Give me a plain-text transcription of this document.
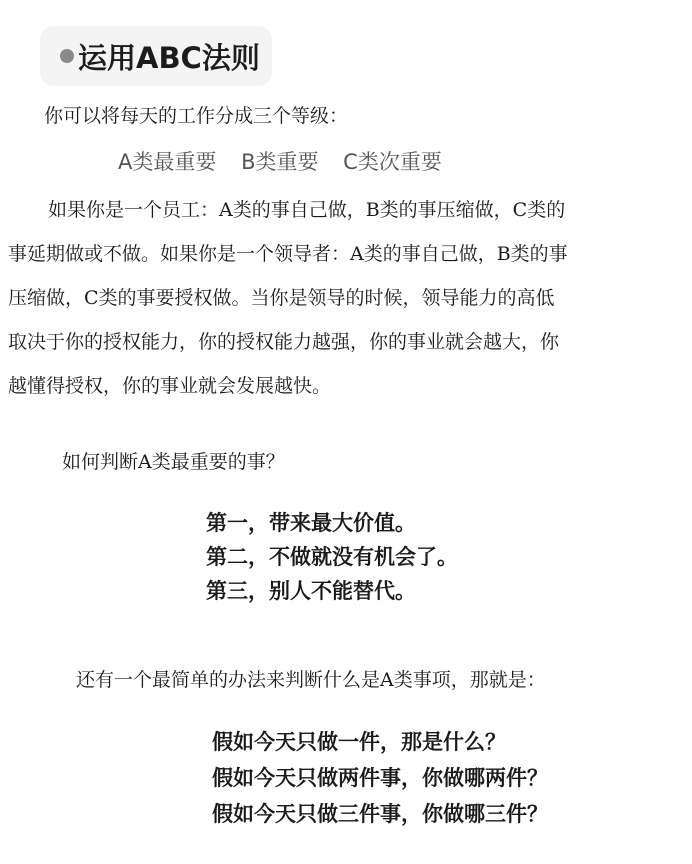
运用ABC法则
你可以将每天的工作分成三个等级：
A类最重要 B类重要 C类次重要
如果你是一个员工：A类的事自己做，B类的事压缩做，C类的
事延期做或不做。如果你是一个领导者：A类的事自己做，B类的事
压缩做，C类的事要授权做。当你是领导的时候，领导能力的高低
取决于你的授权能力，你的授权能力越强，你的事业就会越大，你
越懂得授权，你的事业就会发展越快。
如何判断A类最重要的事？
第一，带来最大价值。
第二，不做就没有机会了。
第三，别人不能替代。
还有一个最简单的办法来判断什么是A类事项，那就是：
假如今天只做一件，那是什么？
假如今天只做两件事，你做哪两件？
假如今天只做三件事，你做哪三件？
